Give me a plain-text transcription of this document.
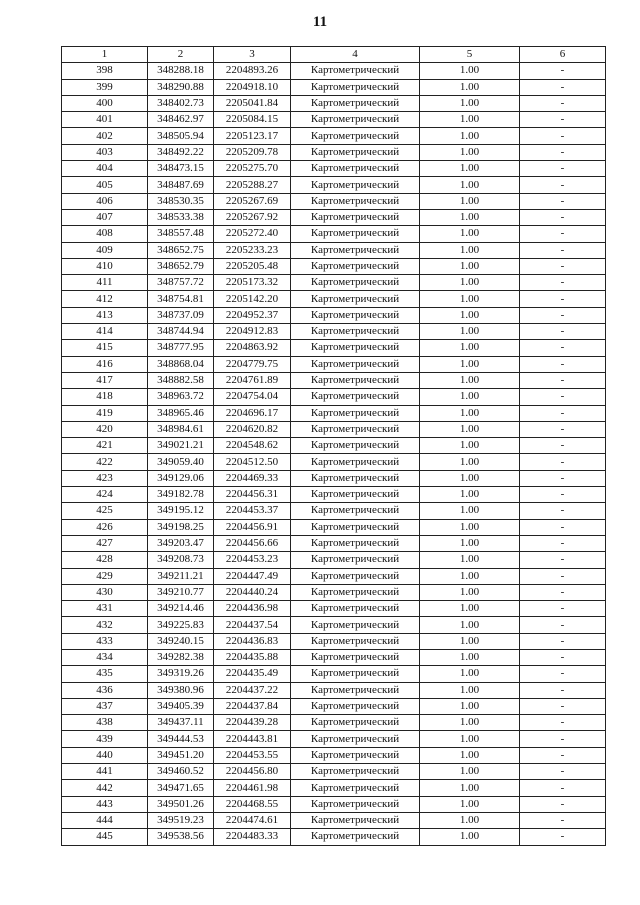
11
1	2	3	4	5	6
398	348288.18	2204893.26	Картометрический	1.00	-
399	348290.88	2204918.10	Картометрический	1.00	-
400	348402.73	2205041.84	Картометрический	1.00	-
401	348462.97	2205084.15	Картометрический	1.00	-
402	348505.94	2205123.17	Картометрический	1.00	-
403	348492.22	2205209.78	Картометрический	1.00	-
404	348473.15	2205275.70	Картометрический	1.00	-
405	348487.69	2205288.27	Картометрический	1.00	-
406	348530.35	2205267.69	Картометрический	1.00	-
407	348533.38	2205267.92	Картометрический	1.00	-
408	348557.48	2205272.40	Картометрический	1.00	-
409	348652.75	2205233.23	Картометрический	1.00	-
410	348652.79	2205205.48	Картометрический	1.00	-
411	348757.72	2205173.32	Картометрический	1.00	-
412	348754.81	2205142.20	Картометрический	1.00	-
413	348737.09	2204952.37	Картометрический	1.00	-
414	348744.94	2204912.83	Картометрический	1.00	-
415	348777.95	2204863.92	Картометрический	1.00	-
416	348868.04	2204779.75	Картометрический	1.00	-
417	348882.58	2204761.89	Картометрический	1.00	-
418	348963.72	2204754.04	Картометрический	1.00	-
419	348965.46	2204696.17	Картометрический	1.00	-
420	348984.61	2204620.82	Картометрический	1.00	-
421	349021.21	2204548.62	Картометрический	1.00	-
422	349059.40	2204512.50	Картометрический	1.00	-
423	349129.06	2204469.33	Картометрический	1.00	-
424	349182.78	2204456.31	Картометрический	1.00	-
425	349195.12	2204453.37	Картометрический	1.00	-
426	349198.25	2204456.91	Картометрический	1.00	-
427	349203.47	2204456.66	Картометрический	1.00	-
428	349208.73	2204453.23	Картометрический	1.00	-
429	349211.21	2204447.49	Картометрический	1.00	-
430	349210.77	2204440.24	Картометрический	1.00	-
431	349214.46	2204436.98	Картометрический	1.00	-
432	349225.83	2204437.54	Картометрический	1.00	-
433	349240.15	2204436.83	Картометрический	1.00	-
434	349282.38	2204435.88	Картометрический	1.00	-
435	349319.26	2204435.49	Картометрический	1.00	-
436	349380.96	2204437.22	Картометрический	1.00	-
437	349405.39	2204437.84	Картометрический	1.00	-
438	349437.11	2204439.28	Картометрический	1.00	-
439	349444.53	2204443.81	Картометрический	1.00	-
440	349451.20	2204453.55	Картометрический	1.00	-
441	349460.52	2204456.80	Картометрический	1.00	-
442	349471.65	2204461.98	Картометрический	1.00	-
443	349501.26	2204468.55	Картометрический	1.00	-
444	349519.23	2204474.61	Картометрический	1.00	-
445	349538.56	2204483.33	Картометрический	1.00	-
